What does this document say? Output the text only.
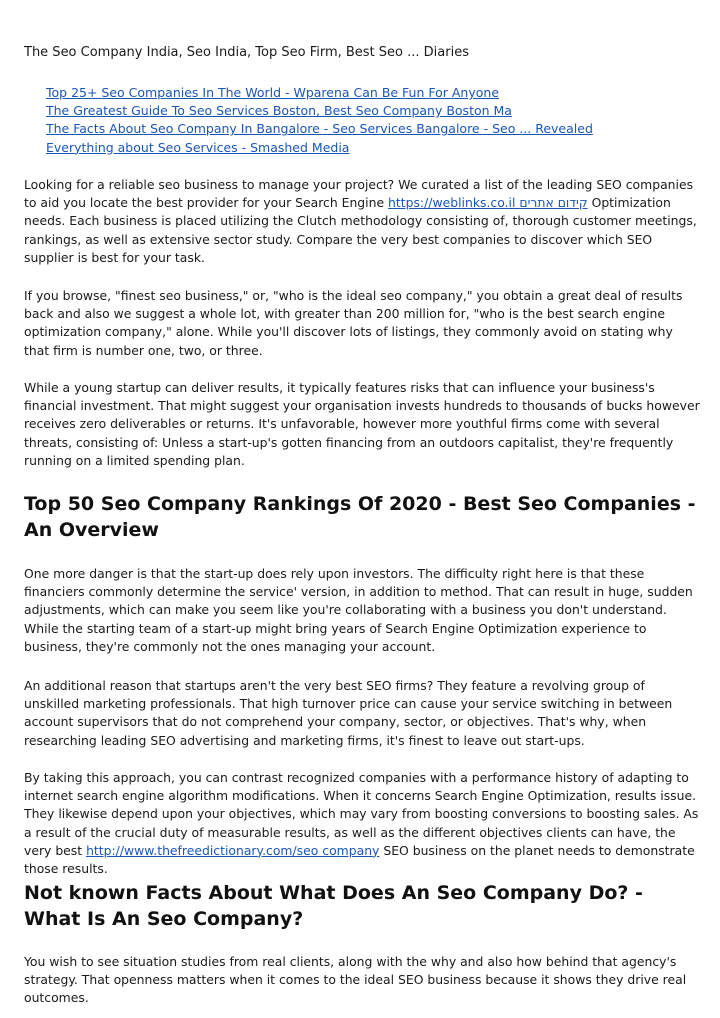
The Seo Company India, Seo India, Top Seo Firm, Best Seo ... Diaries

Top 25+ Seo Companies In The World - Wparena Can Be Fun For Anyone
The Greatest Guide To Seo Services Boston, Best Seo Company Boston Ma
The Facts About Seo Company In Bangalore - Seo Services Bangalore - Seo ... Revealed
Everything about Seo Services - Smashed Media

Looking for a reliable seo business to manage your project? We curated a list of the leading SEO companies to aid you locate the best provider for your Search Engine https://weblinks.co.il קידום אתרים Optimization needs. Each business is placed utilizing the Clutch methodology consisting of, thorough customer meetings, rankings, as well as extensive sector study. Compare the very best companies to discover which SEO supplier is best for your task.

If you browse, "finest seo business," or, "who is the ideal seo company," you obtain a great deal of results back and also we suggest a whole lot, with greater than 200 million for, "who is the best search engine optimization company," alone. While you'll discover lots of listings, they commonly avoid on stating why that firm is number one, two, or three.

While a young startup can deliver results, it typically features risks that can influence your business's financial investment. That might suggest your organisation invests hundreds to thousands of bucks however receives zero deliverables or returns. It's unfavorable, however more youthful firms come with several threats, consisting of: Unless a start-up's gotten financing from an outdoors capitalist, they're frequently running on a limited spending plan.

Top 50 Seo Company Rankings Of 2020 - Best Seo Companies - An Overview

One more danger is that the start-up does rely upon investors. The difficulty right here is that these financiers commonly determine the service' version, in addition to method. That can result in huge, sudden adjustments, which can make you seem like you're collaborating with a business you don't understand. While the starting team of a start-up might bring years of Search Engine Optimization experience to business, they're commonly not the ones managing your account.

An additional reason that startups aren't the very best SEO firms? They feature a revolving group of unskilled marketing professionals. That high turnover price can cause your service switching in between account supervisors that do not comprehend your company, sector, or objectives. That's why, when researching leading SEO advertising and marketing firms, it's finest to leave out start-ups.

By taking this approach, you can contrast recognized companies with a performance history of adapting to internet search engine algorithm modifications. When it concerns Search Engine Optimization, results issue. They likewise depend upon your objectives, which may vary from boosting conversions to boosting sales. As a result of the crucial duty of measurable results, as well as the different objectives clients can have, the very best http://www.thefreedictionary.com/seo company SEO business on the planet needs to demonstrate those results.

Not known Facts About What Does An Seo Company Do? - What Is An Seo Company?

You wish to see situation studies from real clients, along with the why and also how behind that agency's strategy. That openness matters when it comes to the ideal SEO business because it shows they drive real outcomes.
